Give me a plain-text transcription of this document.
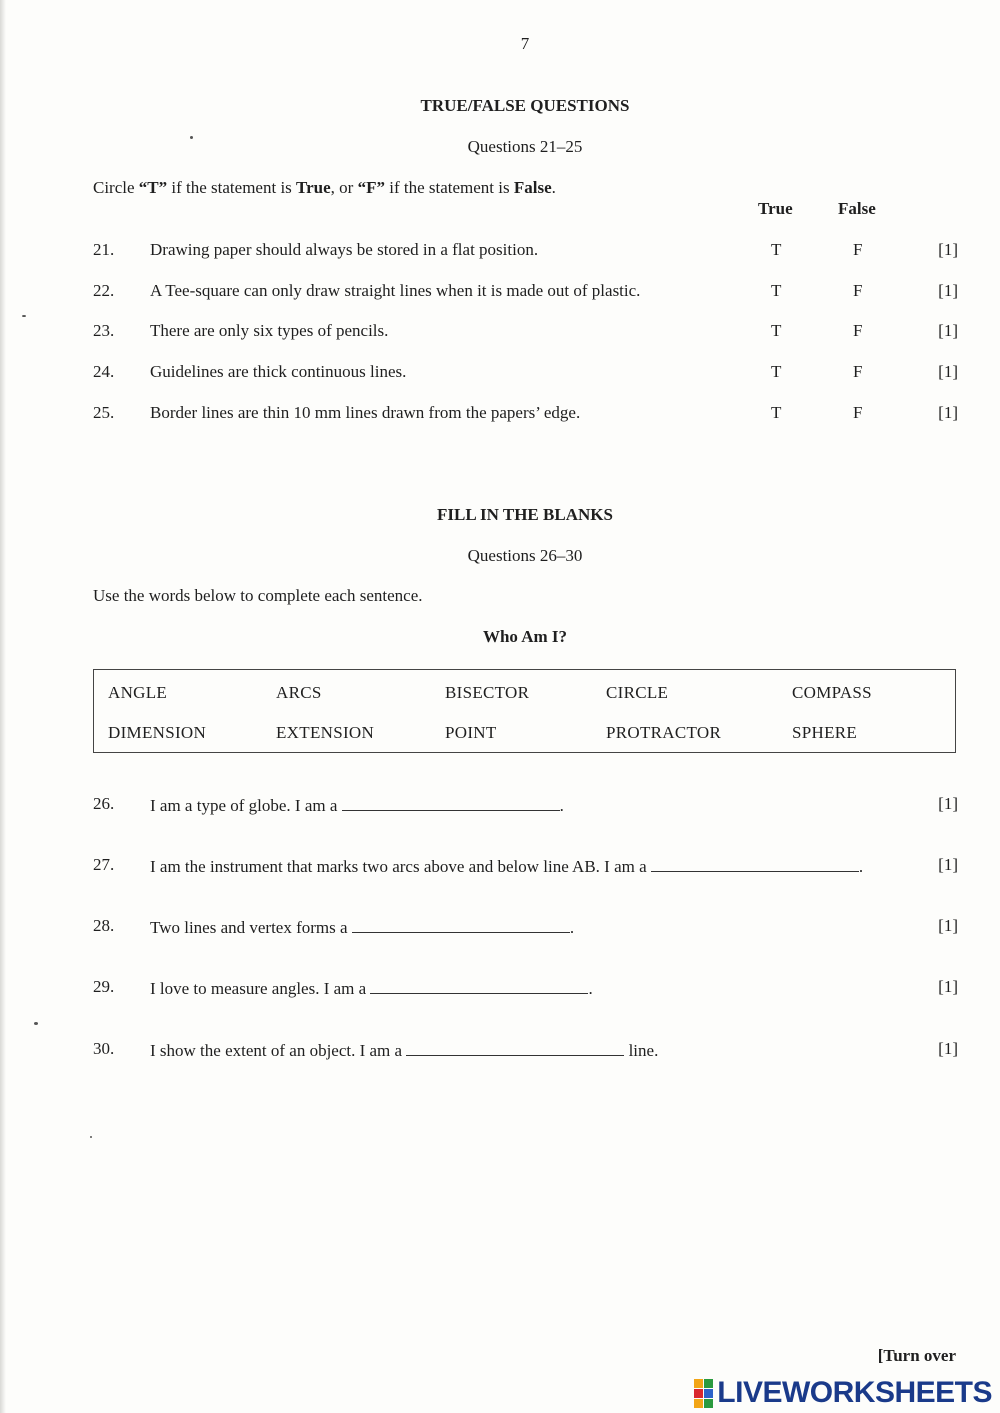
7
TRUE/FALSE QUESTIONS
Questions 21–25
Circle “T” if the statement is True, or “F” if the statement is False.
True	False
21. Drawing paper should always be stored in a flat position.	T	F	[1]
22. A Tee-square can only draw straight lines when it is made out of plastic.	T	F	[1]
23. There are only six types of pencils.	T	F	[1]
24. Guidelines are thick continuous lines.	T	F	[1]
25. Border lines are thin 10 mm lines drawn from the papers’ edge.	T	F	[1]
FILL IN THE BLANKS
Questions 26–30
Use the words below to complete each sentence.
Who Am I?
ANGLE	ARCS	BISECTOR	CIRCLE	COMPASS
DIMENSION	EXTENSION	POINT	PROTRACTOR	SPHERE
26. I am a type of globe. I am a	.	[1]
27. I am the instrument that marks two arcs above and below line AB. I am a	.	[1]
28. Two lines and vertex forms a	.	[1]
29. I love to measure angles. I am a	.	[1]
30. I show the extent of an object. I am a	line.	[1]
[Turn over
LIVEWORKSHEETS
